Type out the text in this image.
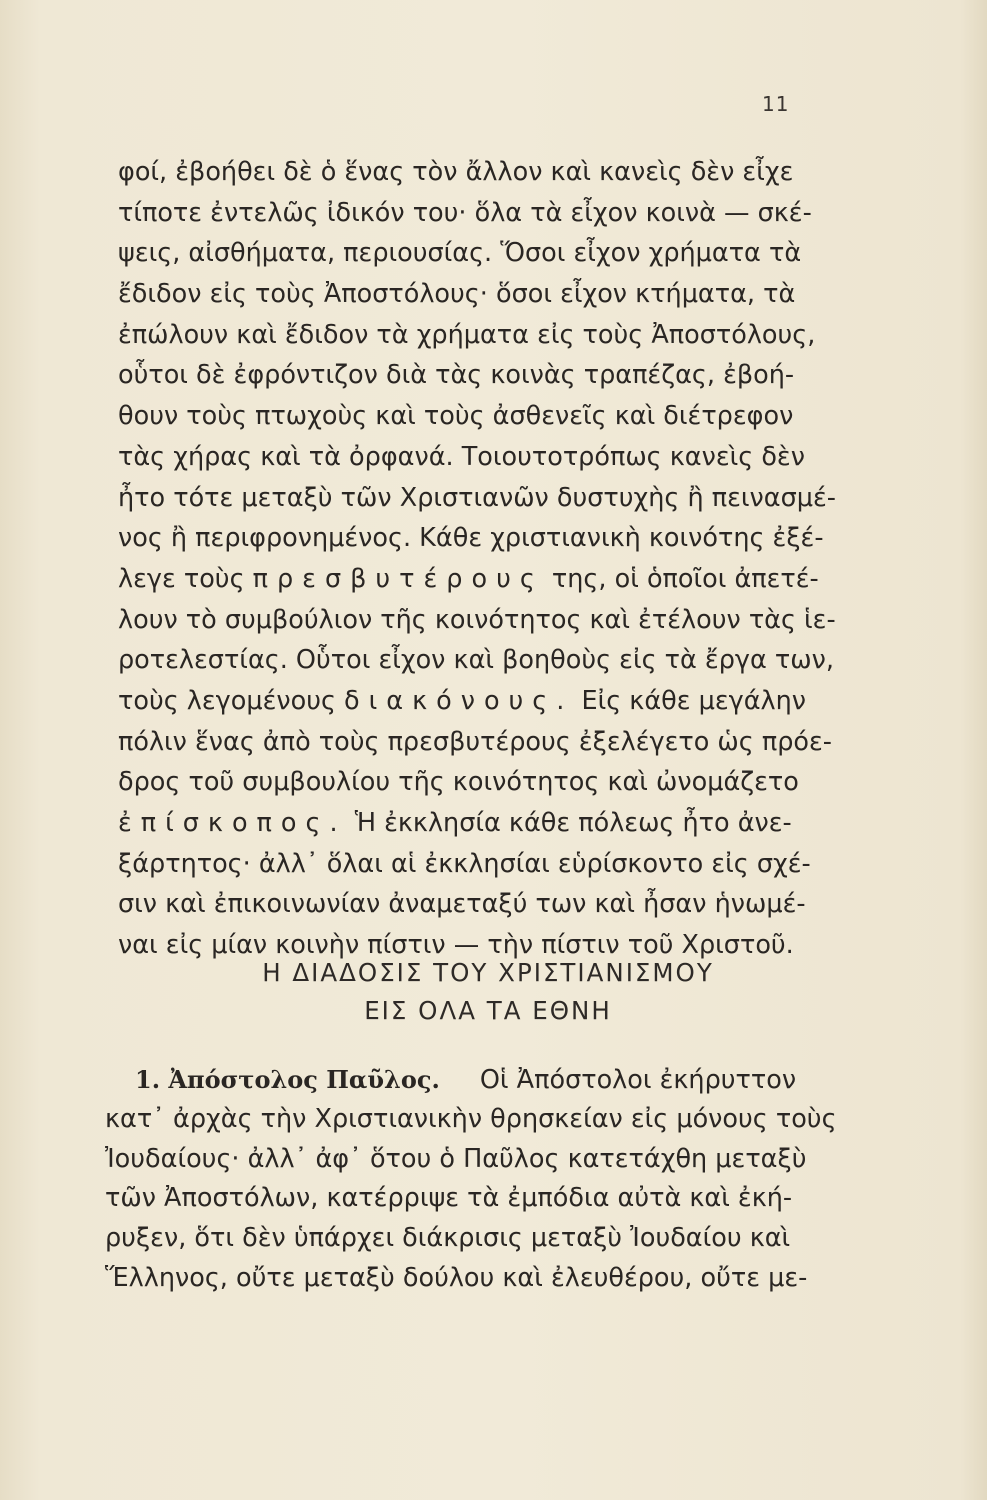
11
φοί, ἐβοήθει δὲ ὁ ἕνας τὸν ἄλλον καὶ κανεὶς δὲν εἶχε
τίποτε ἐντελῶς ἰδικόν του· ὅλα τὰ εἶχον κοινὰ — σκέ-
ψεις, αἰσθήματα, περιουσίας. Ὅσοι εἶχον χρήματα τὰ
ἔδιδον εἰς τοὺς Ἀποστόλους· ὅσοι εἶχον κτήματα, τὰ
ἐπώλουν καὶ ἔδιδον τὰ χρήματα εἰς τοὺς Ἀποστόλους,
οὗτοι δὲ ἐφρόντιζον διὰ τὰς κοινὰς τραπέζας, ἐβοή-
θουν τοὺς πτωχοὺς καὶ τοὺς ἀσθενεῖς καὶ διέτρεφον
τὰς χήρας καὶ τὰ ὀρφανά. Τοιουτοτρόπως κανεὶς δὲν
ἦτο τότε μεταξὺ τῶν Χριστιανῶν δυστυχὴς ἢ πεινασμέ-
νος ἢ περιφρονημένος. Κάθε χριστιανικὴ κοινότης ἐξέ-
λεγε τοὺς πρεσβυτέρους της, οἱ ὁποῖοι ἀπετέ-
λουν τὸ συμβούλιον τῆς κοινότητος καὶ ἐτέλουν τὰς ἱε-
ροτελεστίας. Οὗτοι εἶχον καὶ βοηθοὺς εἰς τὰ ἔργα των,
τοὺς λεγομένους διακόνους. Εἰς κάθε μεγάλην
πόλιν ἕνας ἀπὸ τοὺς πρεσβυτέρους ἐξελέγετο ὡς πρόε-
δρος τοῦ συμβουλίου τῆς κοινότητος καὶ ὠνομάζετο
ἐπίσκοπος. Ἡ ἐκκλησία κάθε πόλεως ἦτο ἀνε-
ξάρτητος· ἀλλ᾽ ὅλαι αἱ ἐκκλησίαι εὑρίσκοντο εἰς σχέ-
σιν καὶ ἐπικοινωνίαν ἀναμεταξύ των καὶ ἦσαν ἡνωμέ-
ναι εἰς μίαν κοινὴν πίστιν — τὴν πίστιν τοῦ Χριστοῦ.
Η ΔΙΑΔΟΣΙΣ ΤΟΥ ΧΡΙΣΤΙΑΝΙΣΜΟΥ
ΕΙΣ ΟΛΑ ΤΑ ΕΘΝΗ
1. Ἀπόστολος Παῦλος. Οἱ Ἀπόστολοι ἐκήρυττον
κατ᾽ ἀρχὰς τὴν Χριστιανικὴν θρησκείαν εἰς μόνους τοὺς
Ἰουδαίους· ἀλλ᾽ ἀφ᾽ ὅτου ὁ Παῦλος κατετάχθη μεταξὺ
τῶν Ἀποστόλων, κατέρριψε τὰ ἐμπόδια αὐτὰ καὶ ἐκή-
ρυξεν, ὅτι δὲν ὑπάρχει διάκρισις μεταξὺ Ἰουδαίου καὶ
Ἕλληνος, οὔτε μεταξὺ δούλου καὶ ἐλευθέρου, οὔτε με-
